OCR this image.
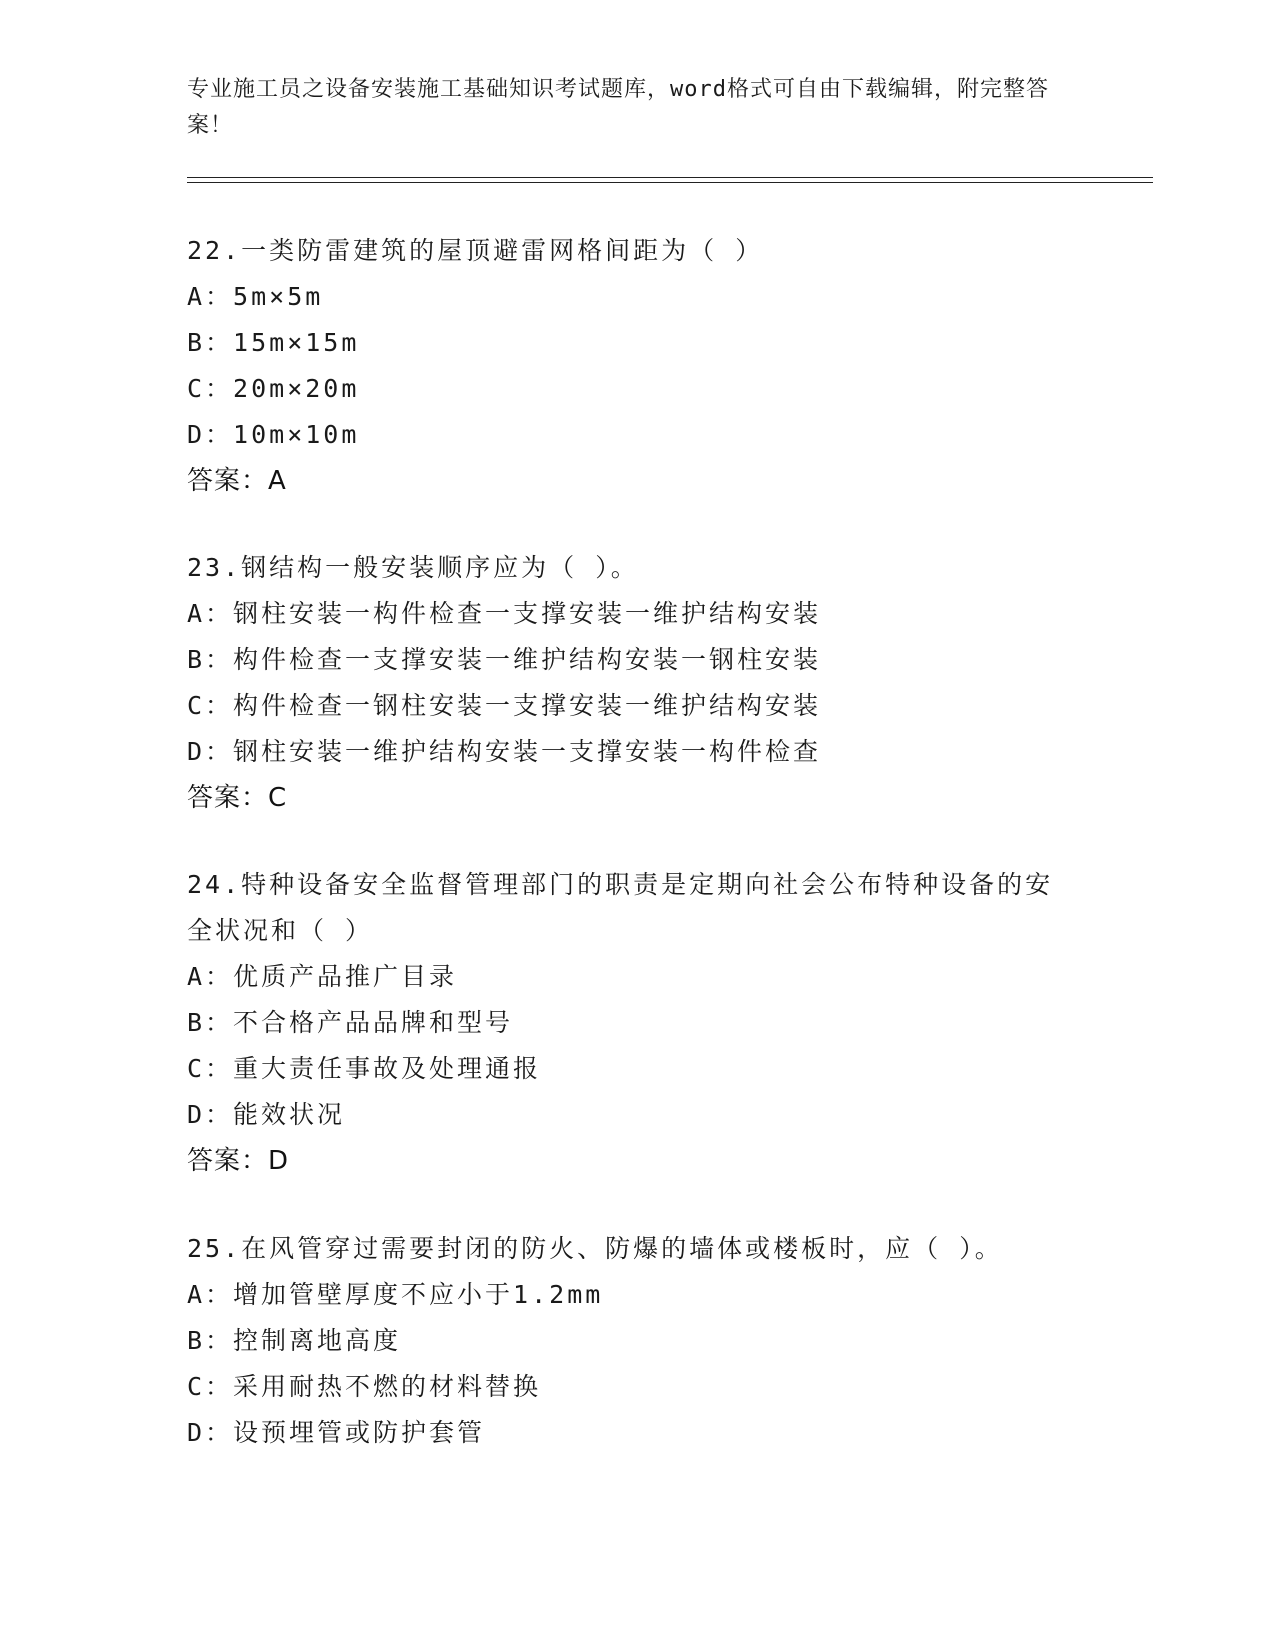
专业施工员之设备安装施工基础知识考试题库，word格式可自由下载编辑，附完整答案！
22.一类防雷建筑的屋顶避雷网格间距为（ ）
A：5m×5m
B：15m×15m
C：20m×20m
D：10m×10m
答案：A
23.钢结构一般安装顺序应为（ ）。
A：钢柱安装一构件检查一支撑安装一维护结构安装
B：构件检查一支撑安装一维护结构安装一钢柱安装
C：构件检查一钢柱安装一支撑安装一维护结构安装
D：钢柱安装一维护结构安装一支撑安装一构件检查
答案：C
24.特种设备安全监督管理部门的职责是定期向社会公布特种设备的安全状况和（ ）
A：优质产品推广目录
B：不合格产品品牌和型号
C：重大责任事故及处理通报
D：能效状况
答案：D
25.在风管穿过需要封闭的防火、防爆的墙体或楼板时，应（ ）。
A：增加管壁厚度不应小于1.2mm
B：控制离地高度
C：采用耐热不燃的材料替换
D：设预埋管或防护套管
